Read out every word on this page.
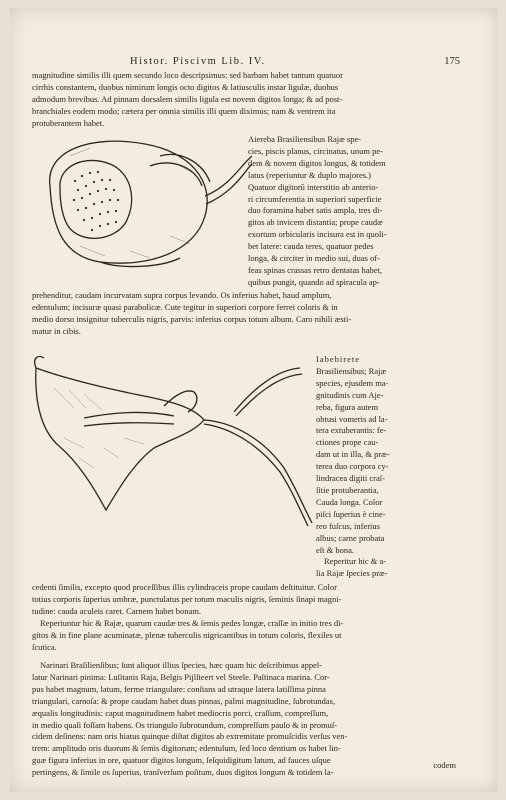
Histor. Piscivm Lib. IV.	175
magnitudine similis illi quem secundo loco descripsimus: sed barbam habet tantum quatuor
cirrhis constantem, duobus nimirum longis octo digitos & latiusculis instar ligulæ, duobus
admodum brevibus. Ad pinnam dorsalem similis ligula est novem digitos longa; & ad post-
branchiales eodem modo; cætera per omnia similis illi quem diximus; nam & ventrem ita
protuberantem habet.
Aiereba Brasiliensibus Rajæ spe-
cies, piscis planus, circinatus, unum pe-
dem & novem digitos longus, & totidem
latus (reperiuntur & duplo majores.)
Quatuor digitorū interstitio ab anterio-
ri circumferentia in superiori superficie
duo foramina habet satis ampla, tres di-
gitos ab invicem distantia; prope caudæ
exortum orbicularis incisura est in quoli-
bet latere: cauda teres, quatuor pedes
longa, & circiter in medio sui, duas of-
feas spinas crassas retro dentatas habet,
quibus pungit, quando ad spiracula ap-
prehenditur, caudam incurvatam supra corpus levando. Os inferius habet, haud amplum,
edentulum; incisuræ quasi parabolicæ. Cute tegitur in superiori corpore ferrei coloris & in
medio dorso insignitur tuberculis nigris, parvis: inferius corpus totum album. Caro nihili æsti-
matur in cibis.
Iabebirete
Brasiliensibus; Rajæ
species, ejusdem ma-
gnitudinis cum Aje-
reba, figura autem
obtusi vomeris ad la-
tera extuberantis: fe-
ctiones prope cau-
dam ut in illa, & præ-
terea duo corpora cy-
lindracea digiti craſ-
ſitie protuberantia,
Cauda longa. Color
piſci ſuperius è cine-
reo fuſcus, inferius
albus; carne probata
eſt & bona.
Reperitur hic & a-
lia Rajæ ſpecies præ-
cedenti ſimilis, excepto quod proceſſibus illis cylindraceis prope caudam deſtituitur. Color
totius corporis ſuperius umbræ, punctulatus per totum maculis nigris, ſeminis ſinapi magni-
tudine: cauda aculeis caret. Carnem habet bonam.
Reperiuntur hic & Rajæ, quarum caudæ tres & ſemis pedes longæ, craſſæ in initio tres di-
gitos & in fine plane acuminatæ, plenæ tuberculis nigricantibus in totum coloris, flexiles ut
ſcutica.
Narinari Braſilienſibus; ſunt aliquot illius ſpecies, hæc quam hic deſcribimus appel-
latur Narinari pinima: Luſitanis Raja, Belgis Pijlſteert vel Steele. Paſtinaca marina. Cor-
pus habet magnum, latum, ferme triangulare: conſtans ad utraque latera latiſſima pinna
triangulari, carnoſa: & prope caudam habet duas pinnas, palmi magnitudine, ſubrotundas,
æqualis longitudinis: caput magnitudinem habet mediocris porci, craſſum, compreſſum,
in medio quaſi foſſam habens. Os triangulo ſubrotundum, compreſſum paulo & in promuſ-
cidem deſinens: nam oris hiatus quinque diſtat digitos ab extremitate promuſcidis verſus ven-
trem: amplitudo oris duorum & ſemis digitorum; edentulum, ſed loco dentium os habet lin-
guæ figura inferius in ore, quatuor digitos longum, ſeſquidigitum latum, ad fauces uſque
pertingens, & ſimile os ſuperius, tranſverſum poſitum, duos digitos longum & totidem la-
codem
